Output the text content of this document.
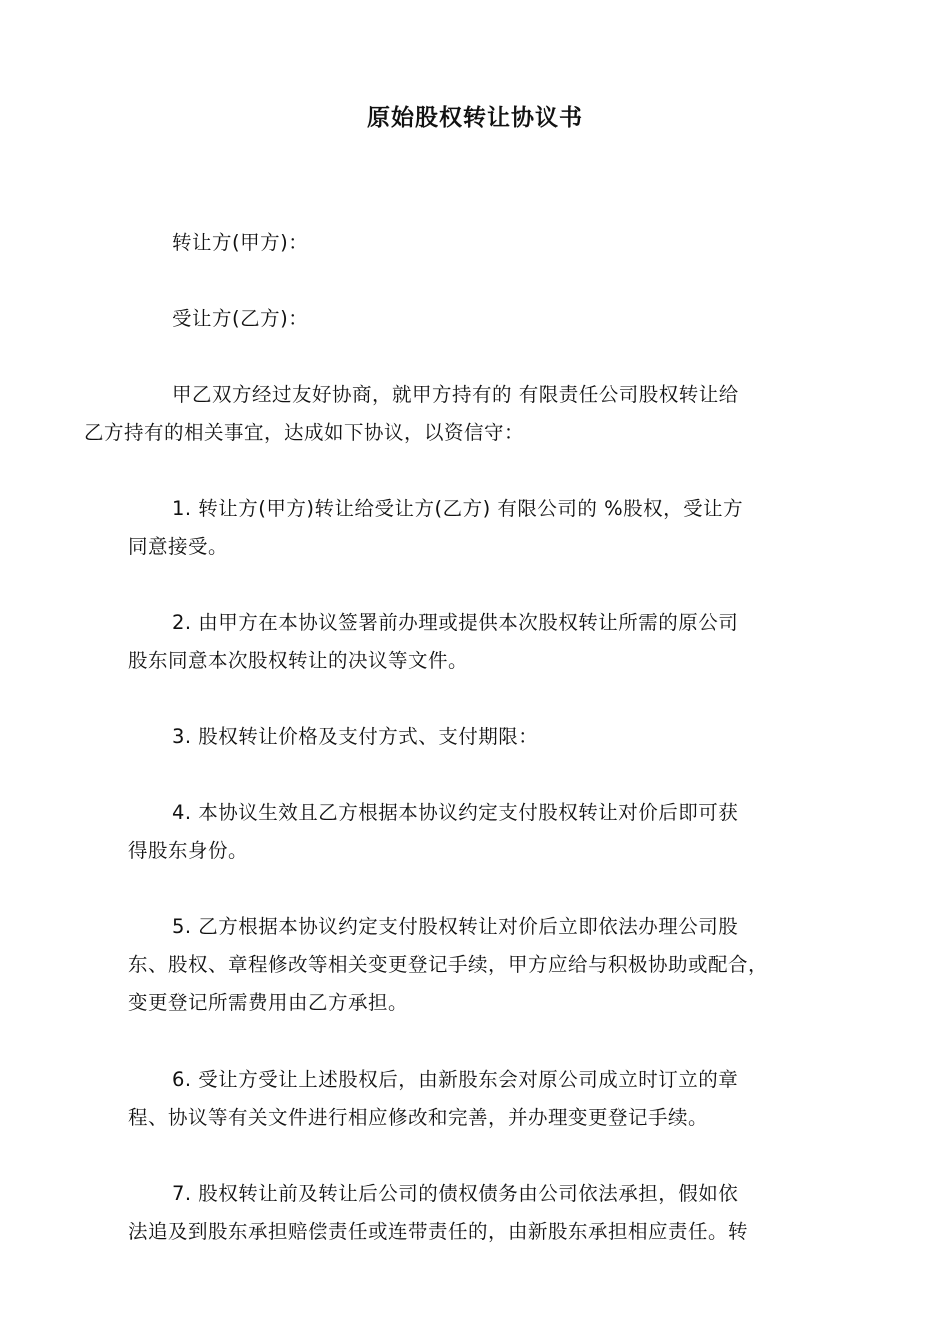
原始股权转让协议书

转让方(甲方)：

受让方(乙方)：

甲乙双方经过友好协商，就甲方持有的 有限责任公司股权转让给
乙方持有的相关事宜，达成如下协议，以资信守：

1. 转让方(甲方)转让给受让方(乙方) 有限公司的 %股权，受让方
同意接受。

2. 由甲方在本协议签署前办理或提供本次股权转让所需的原公司
股东同意本次股权转让的决议等文件。

3. 股权转让价格及支付方式、支付期限：

4. 本协议生效且乙方根据本协议约定支付股权转让对价后即可获
得股东身份。

5. 乙方根据本协议约定支付股权转让对价后立即依法办理公司股
东、股权、章程修改等相关变更登记手续，甲方应给与积极协助或配合，
变更登记所需费用由乙方承担。

6. 受让方受让上述股权后，由新股东会对原公司成立时订立的章
程、协议等有关文件进行相应修改和完善，并办理变更登记手续。

7. 股权转让前及转让后公司的债权债务由公司依法承担，假如依
法追及到股东承担赔偿责任或连带责任的，由新股东承担相应责任。转
